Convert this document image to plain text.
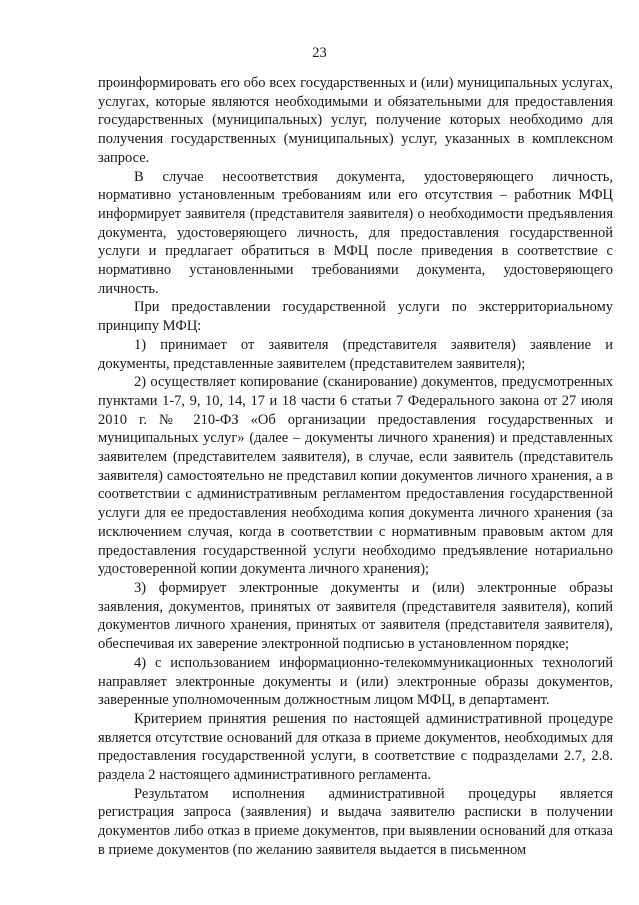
23

проинформировать его обо всех государственных и (или) муниципальных услугах, услугах, которые являются необходимыми и обязательными для предоставления государственных (муниципальных) услуг, получение которых необходимо для получения государственных (муниципальных) услуг, указанных в комплексном запросе.

В случае несоответствия документа, удостоверяющего личность, нормативно установленным требованиям или его отсутствия – работник МФЦ информирует заявителя (представителя заявителя) о необходимости предъявления документа, удостоверяющего личность, для предоставления государственной услуги и предлагает обратиться в МФЦ после приведения в соответствие с нормативно установленными требованиями документа, удостоверяющего личность.

При предоставлении государственной услуги по экстерриториальному принципу МФЦ:

1) принимает от заявителя (представителя заявителя) заявление и документы, представленные заявителем (представителем заявителя);

2) осуществляет копирование (сканирование) документов, предусмотренных пунктами 1-7, 9, 10, 14, 17 и 18 части 6 статьи 7 Федерального закона от 27 июля 2010 г. № 210-ФЗ «Об организации предоставления государственных и муниципальных услуг» (далее – документы личного хранения) и представленных заявителем (представителем заявителя), в случае, если заявитель (представитель заявителя) самостоятельно не представил копии документов личного хранения, а в соответствии с административным регламентом предоставления государственной услуги для ее предоставления необходима копия документа личного хранения (за исключением случая, когда в соответствии с нормативным правовым актом для предоставления государственной услуги необходимо предъявление нотариально удостоверенной копии документа личного хранения);

3) формирует электронные документы и (или) электронные образы заявления, документов, принятых от заявителя (представителя заявителя), копий документов личного хранения, принятых от заявителя (представителя заявителя), обеспечивая их заверение электронной подписью в установленном порядке;

4) с использованием информационно-телекоммуникационных технологий направляет электронные документы и (или) электронные образы документов, заверенные уполномоченным должностным лицом МФЦ, в департамент.

Критерием принятия решения по настоящей административной процедуре является отсутствие оснований для отказа в приеме документов, необходимых для предоставления государственной услуги, в соответствие с подразделами 2.7, 2.8. раздела 2 настоящего административного регламента.

Результатом исполнения административной процедуры является регистрация запроса (заявления) и выдача заявителю расписки в получении документов либо отказ в приеме документов, при выявлении оснований для отказа в приеме документов (по желанию заявителя выдается в письменном
